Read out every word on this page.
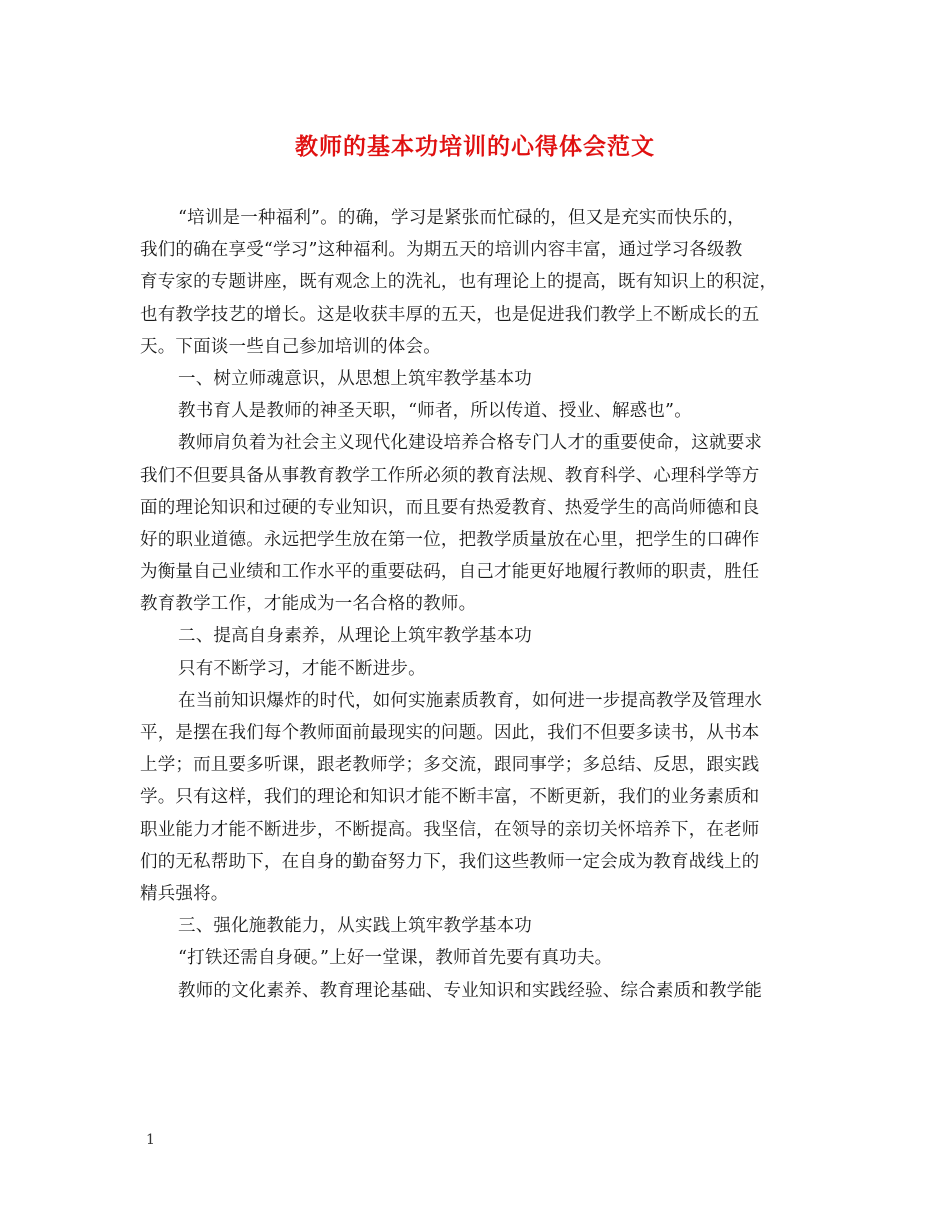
教师的基本功培训的心得体会范文
“培训是一种福利”。的确，学习是紧张而忙碌的，但又是充实而快乐的，
我们的确在享受“学习”这种福利。为期五天的培训内容丰富，通过学习各级教
育专家的专题讲座，既有观念上的洗礼，也有理论上的提高，既有知识上的积淀，
也有教学技艺的增长。这是收获丰厚的五天，也是促进我们教学上不断成长的五
天。下面谈一些自己参加培训的体会。
一、树立师魂意识，从思想上筑牢教学基本功
教书育人是教师的神圣天职，“师者，所以传道、授业、解惑也”。
教师肩负着为社会主义现代化建设培养合格专门人才的重要使命，这就要求
我们不但要具备从事教育教学工作所必须的教育法规、教育科学、心理科学等方
面的理论知识和过硬的专业知识，而且要有热爱教育、热爱学生的高尚师德和良
好的职业道德。永远把学生放在第一位，把教学质量放在心里，把学生的口碑作
为衡量自己业绩和工作水平的重要砝码，自己才能更好地履行教师的职责，胜任
教育教学工作，才能成为一名合格的教师。
二、提高自身素养，从理论上筑牢教学基本功
只有不断学习，才能不断进步。
在当前知识爆炸的时代，如何实施素质教育，如何进一步提高教学及管理水
平，是摆在我们每个教师面前最现实的问题。因此，我们不但要多读书，从书本
上学；而且要多听课，跟老教师学；多交流，跟同事学；多总结、反思，跟实践
学。只有这样，我们的理论和知识才能不断丰富，不断更新，我们的业务素质和
职业能力才能不断进步，不断提高。我坚信，在领导的亲切关怀培养下，在老师
们的无私帮助下，在自身的勤奋努力下，我们这些教师一定会成为教育战线上的
精兵强将。
三、强化施教能力，从实践上筑牢教学基本功
“打铁还需自身硬。”上好一堂课，教师首先要有真功夫。
教师的文化素养、教育理论基础、专业知识和实践经验、综合素质和教学能
1
